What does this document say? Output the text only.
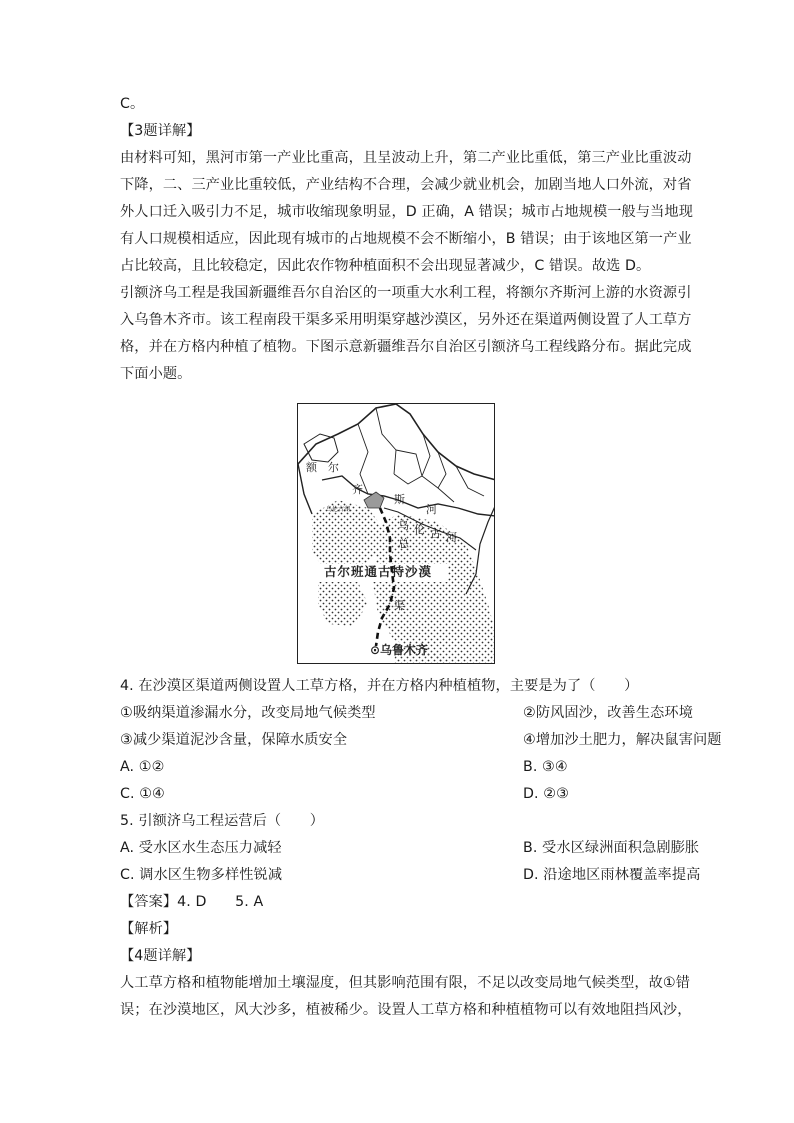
C。
【3题详解】
由材料可知，黑河市第一产业比重高，且呈波动上升，第二产业比重低，第三产业比重波动
下降，二、三产业比重较低，产业结构不合理，会减少就业机会，加剧当地人口外流，对省
外人口迁入吸引力不足，城市收缩现象明显，D 正确，A 错误；城市占地规模一般与当地现
有人口规模相适应，因此现有城市的占地规模不会不断缩小，B 错误；由于该地区第一产业
占比较高，且比较稳定，因此农作物种植面积不会出现显著减少，C 错误。故选 D。
引额济乌工程是我国新疆维吾尔自治区的一项重大水利工程，将额尔齐斯河上游的水资源引
入乌鲁木齐市。该工程南段干渠多采用明渠穿越沙漠区，另外还在渠道两侧设置了人工草方
格，并在方格内种植了植物。下图示意新疆维吾尔自治区引额济乌工程线路分布。据此完成
下面小题。
额 尔
齐
斯
河
乌伦古湖
乌 伦 古 河
总
古尔班通古特沙漠
渠
⊙乌鲁木齐
4. 在沙漠区渠道两侧设置人工草方格，并在方格内种植植物，主要是为了（　　）
①吸纳渠道渗漏水分，改变局地气候类型	②防风固沙，改善生态环境
③减少渠道泥沙含量，保障水质安全	④增加沙土肥力，解决鼠害问题
A. ①②	B. ③④
C. ①④	D. ②③
5. 引额济乌工程运营后（　　）
A. 受水区水生态压力减轻	B. 受水区绿洲面积急剧膨胀
C. 调水区生物多样性锐减	D. 沿途地区雨林覆盖率提高
【答案】4. D　　5. A
【解析】
【4题详解】
人工草方格和植物能增加土壤湿度，但其影响范围有限，不足以改变局地气候类型，故①错
误；在沙漠地区，风大沙多，植被稀少。设置人工草方格和种植植物可以有效地阻挡风沙，
